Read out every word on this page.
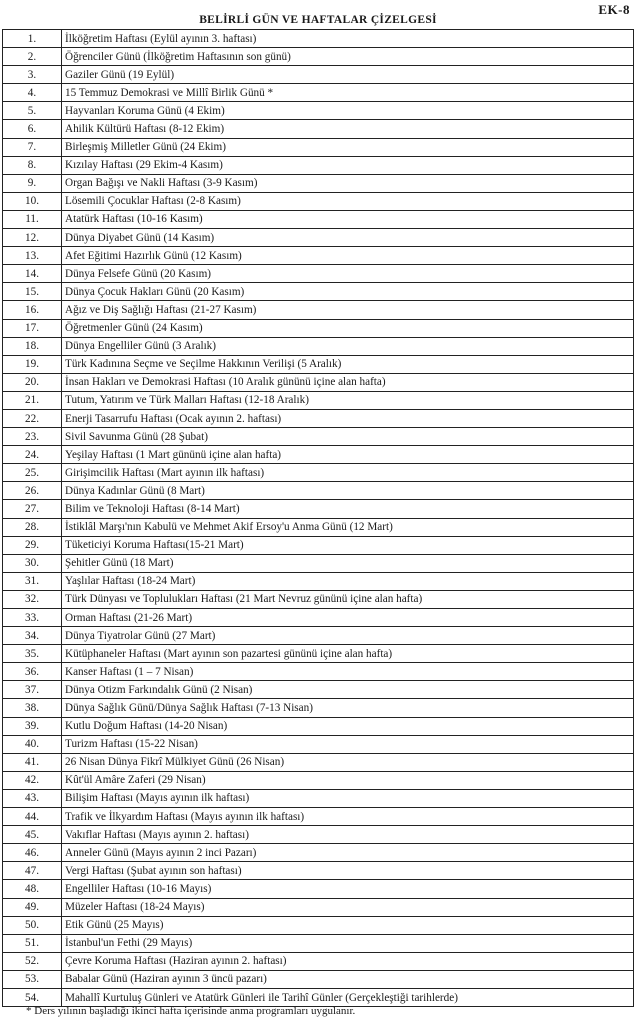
EK-8
BELİRLİ GÜN VE HAFTALAR ÇİZELGESİ
1.	İlköğretim Haftası (Eylül ayının 3. haftası)
2.	Öğrenciler Günü (İlköğretim Haftasının son günü)
3.	Gaziler Günü (19 Eylül)
4.	15 Temmuz Demokrasi ve Millî Birlik Günü *
5.	Hayvanları Koruma Günü (4 Ekim)
6.	Ahilik Kültürü Haftası (8-12 Ekim)
7.	Birleşmiş Milletler Günü (24 Ekim)
8.	Kızılay Haftası (29 Ekim-4 Kasım)
9.	Organ Bağışı ve Nakli Haftası (3-9 Kasım)
10.	Lösemili Çocuklar Haftası (2-8 Kasım)
11.	Atatürk Haftası (10-16 Kasım)
12.	Dünya Diyabet Günü (14 Kasım)
13.	Afet Eğitimi Hazırlık Günü (12 Kasım)
14.	Dünya Felsefe Günü (20 Kasım)
15.	Dünya Çocuk Hakları Günü (20 Kasım)
16.	Ağız ve Diş Sağlığı Haftası (21-27 Kasım)
17.	Öğretmenler Günü (24 Kasım)
18.	Dünya Engelliler Günü (3 Aralık)
19.	Türk Kadınına Seçme ve Seçilme Hakkının Verilişi (5 Aralık)
20.	İnsan Hakları ve Demokrasi Haftası (10 Aralık gününü içine alan hafta)
21.	Tutum, Yatırım ve Türk Malları Haftası (12-18 Aralık)
22.	Enerji Tasarrufu Haftası (Ocak ayının 2. haftası)
23.	Sivil Savunma Günü (28 Şubat)
24.	Yeşilay Haftası (1 Mart gününü içine alan hafta)
25.	Girişimcilik Haftası (Mart ayının ilk haftası)
26.	Dünya Kadınlar Günü (8 Mart)
27.	Bilim ve Teknoloji Haftası (8-14 Mart)
28.	İstiklâl Marşı'nın Kabulü ve Mehmet Akif Ersoy'u Anma Günü (12 Mart)
29.	Tüketiciyi Koruma Haftası(15-21 Mart)
30.	Şehitler Günü (18 Mart)
31.	Yaşlılar Haftası (18-24 Mart)
32.	Türk Dünyası ve Toplulukları Haftası (21 Mart Nevruz gününü içine alan hafta)
33.	Orman Haftası (21-26 Mart)
34.	Dünya Tiyatrolar Günü (27 Mart)
35.	Kütüphaneler Haftası (Mart ayının son pazartesi gününü içine alan hafta)
36.	Kanser Haftası (1 – 7 Nisan)
37.	Dünya Otizm Farkındalık Günü (2 Nisan)
38.	Dünya Sağlık Günü/Dünya Sağlık Haftası (7-13 Nisan)
39.	Kutlu Doğum Haftası (14-20 Nisan)
40.	Turizm Haftası (15-22 Nisan)
41.	26 Nisan Dünya Fikrî Mülkiyet Günü (26 Nisan)
42.	Kût'ül Amâre Zaferi (29 Nisan)
43.	Bilişim Haftası (Mayıs ayının ilk haftası)
44.	Trafik ve İlkyardım Haftası (Mayıs ayının ilk haftası)
45.	Vakıflar Haftası (Mayıs ayının 2. haftası)
46.	Anneler Günü (Mayıs ayının 2 inci Pazarı)
47.	Vergi Haftası (Şubat ayının son haftası)
48.	Engelliler Haftası (10-16 Mayıs)
49.	Müzeler Haftası (18-24 Mayıs)
50.	Etik Günü (25 Mayıs)
51.	İstanbul'un Fethi (29 Mayıs)
52.	Çevre Koruma Haftası (Haziran ayının 2. haftası)
53.	Babalar Günü (Haziran ayının 3 üncü pazarı)
54.	Mahallî Kurtuluş Günleri ve Atatürk Günleri ile Tarihî Günler (Gerçekleştiği tarihlerde)
* Ders yılının başladığı ikinci hafta içerisinde anma programları uygulanır.
